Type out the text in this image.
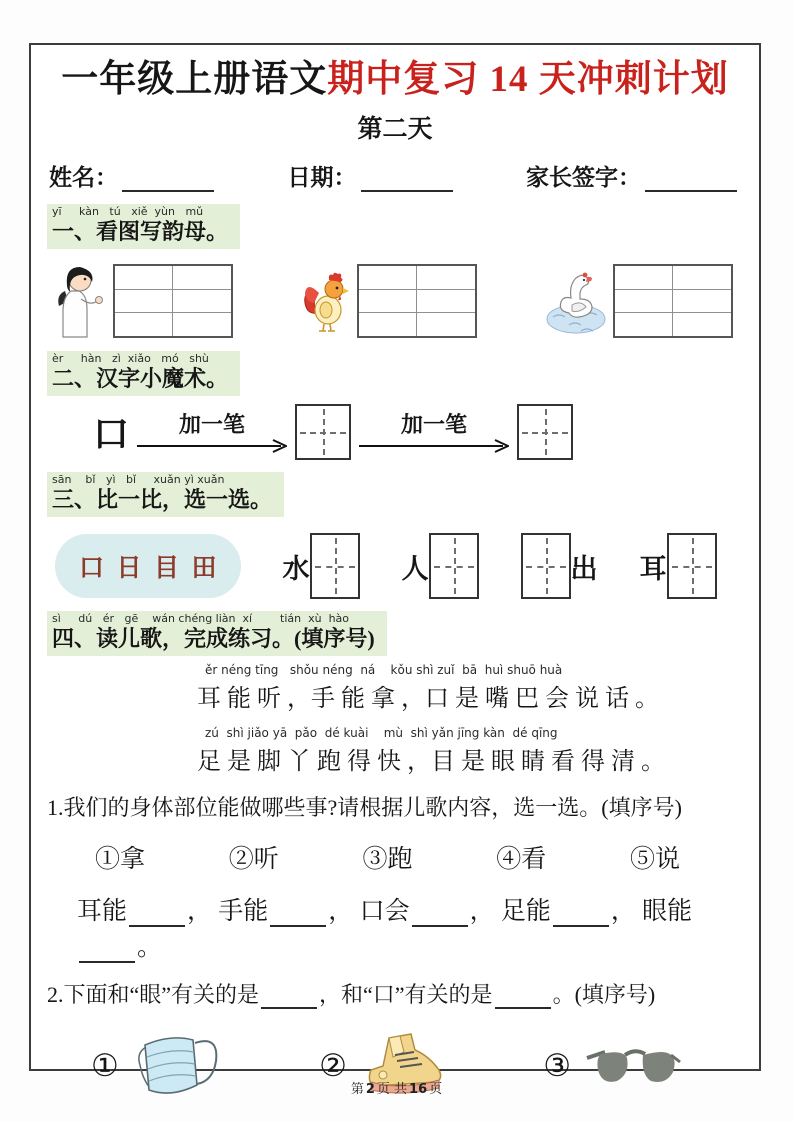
一年级上册语文期中复习 14 天冲刺计划
第二天
姓名：	日期：	家长签字：
yī     kàn   tú   xiě  yùn   mǔ
一、看图写韵母。
èr     hàn   zì  xiǎo   mó   shù
二、汉字小魔术。
口	加一笔	加一笔
sān    bǐ   yì   bǐ     xuǎn yì xuǎn
三、比一比，选一选。
口  日  目  田	水	人	出 耳
sì     dú   ér   gē    wán chéng liàn  xí        tián  xù  hào
四、读儿歌，完成练习。(填序号)
ěr néng tīng   shǒu néng  ná    kǒu shì zuǐ  bā  huì shuō huà
耳 能 听 ，手 能 拿 ，口 是 嘴 巴 会 说 话 。
zú  shì jiǎo yā  pǎo  dé kuài    mù  shì yǎn jīng kàn  dé qīng
足 是 脚 丫 跑 得 快 ，目 是 眼 睛 看 得 清 。
1.我们的身体部位能做哪些事?请根据儿歌内容，选一选。(填序号)
①拿	②听	③跑	④看	⑤说
耳能 ， 手能 ， 口会 ， 足能 ， 眼能。
2.下面和“眼”有关的是	，和“口”有关的是	。(填序号)
①	②	③
第 2 页 共 16 页
